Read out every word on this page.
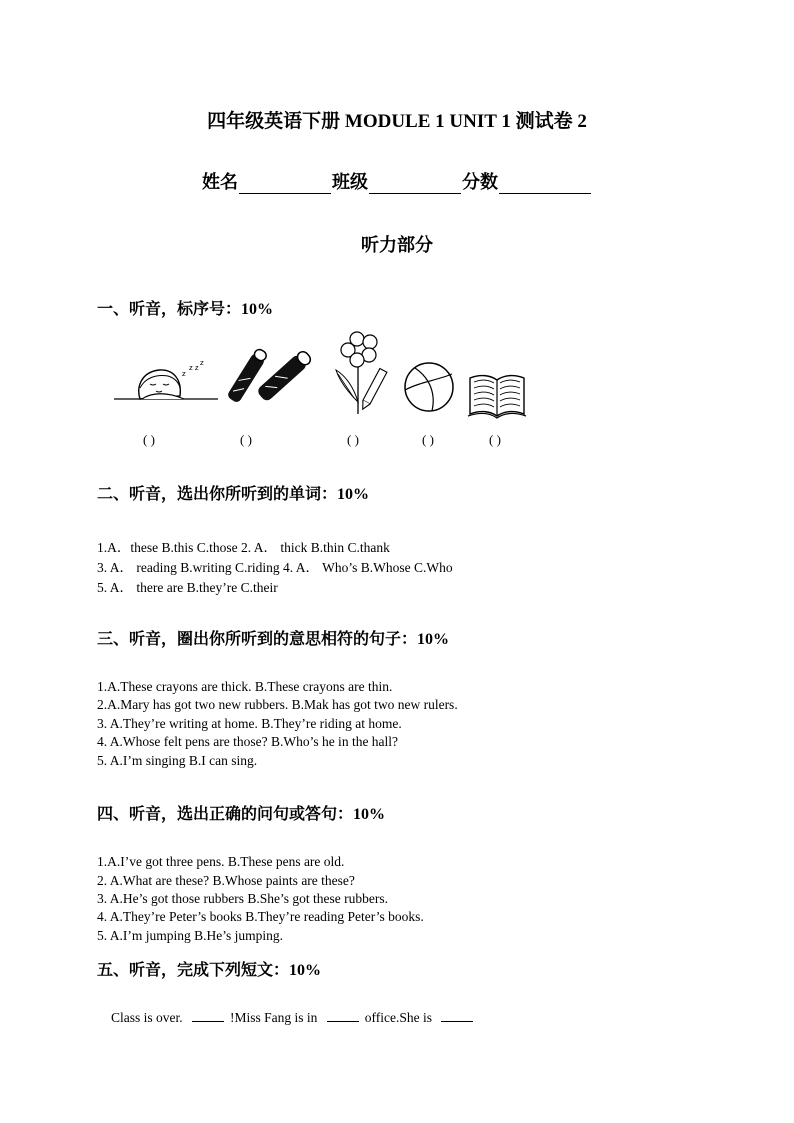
四年级英语下册 MODULE 1 UNIT 1 测试卷 2
姓名	班级	分数
听力部分
一、听音，标序号：10%
z
z z
z
( )	( )	( )	( )	( )
二、听音，选出你所听到的单词：10%
1.A．these B.this C.those 2. A． thick B.thin C.thank
3. A． reading B.writing C.riding 4. A． Who’s B.Whose C.Who
5. A． there are B.they’re C.their
三、听音，圈出你所听到的意思相符的句子：10%
1.A.These crayons are thick. B.These crayons are thin.
2.A.Mary has got two new rubbers. B.Mak has got two new rulers.
3. A.They’re writing at home. B.They’re riding at home.
4. A.Whose felt pens are those? B.Who’s he in the hall?
5. A.I’m singing B.I can sing.
四、听音，选出正确的问句或答句：10%
1.A.I’ve got three pens. B.These pens are old.
2. A.What are these? B.Whose paints are these?
3. A.He’s got those rubbers B.She’s got these rubbers.
4. A.They’re Peter’s books B.They’re reading Peter’s books.
5. A.I’m jumping B.He’s jumping.
五、听音，完成下列短文：10%
Class is over.	!Miss Fang is in	office.She is
